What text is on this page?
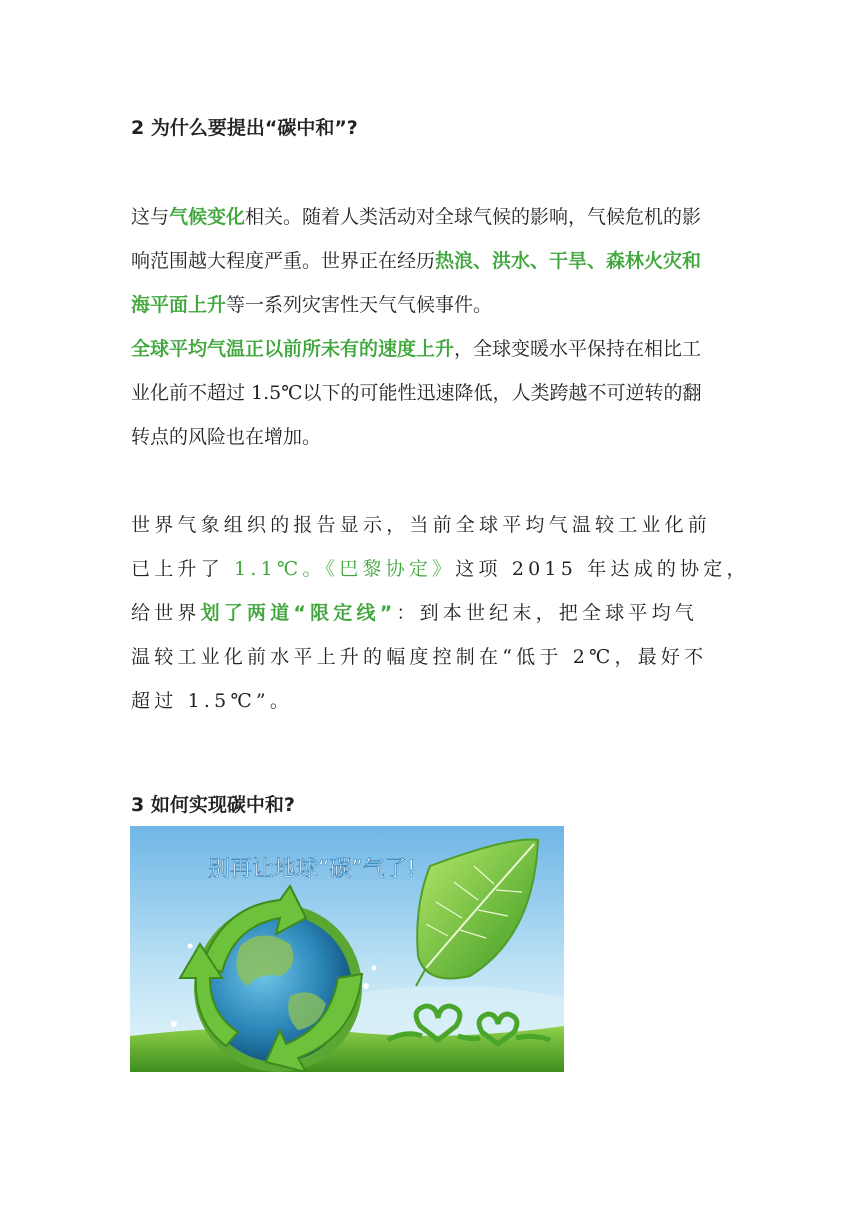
2 为什么要提出“碳中和”?
这与气候变化相关。随着人类活动对全球气候的影响，气候危机的影
响范围越大程度严重。世界正在经历热浪、洪水、干旱、森林火灾和
海平面上升等一系列灾害性天气气候事件。
全球平均气温正以前所未有的速度上升，全球变暖水平保持在相比工
业化前不超过 1.5℃以下的可能性迅速降低，人类跨越不可逆转的翻
转点的风险也在增加。
世界气象组织的报告显示，当前全球平均气温较工业化前
已上升了 1.1℃。《巴黎协定》这项 2015 年达成的协定，
给世界划了两道“限定线”：到本世纪末，把全球平均气
温较工业化前水平上升的幅度控制在“低于 2℃，最好不
超过 1.5℃”。
3 如何实现碳中和?
别再让地球“碳”气了!
